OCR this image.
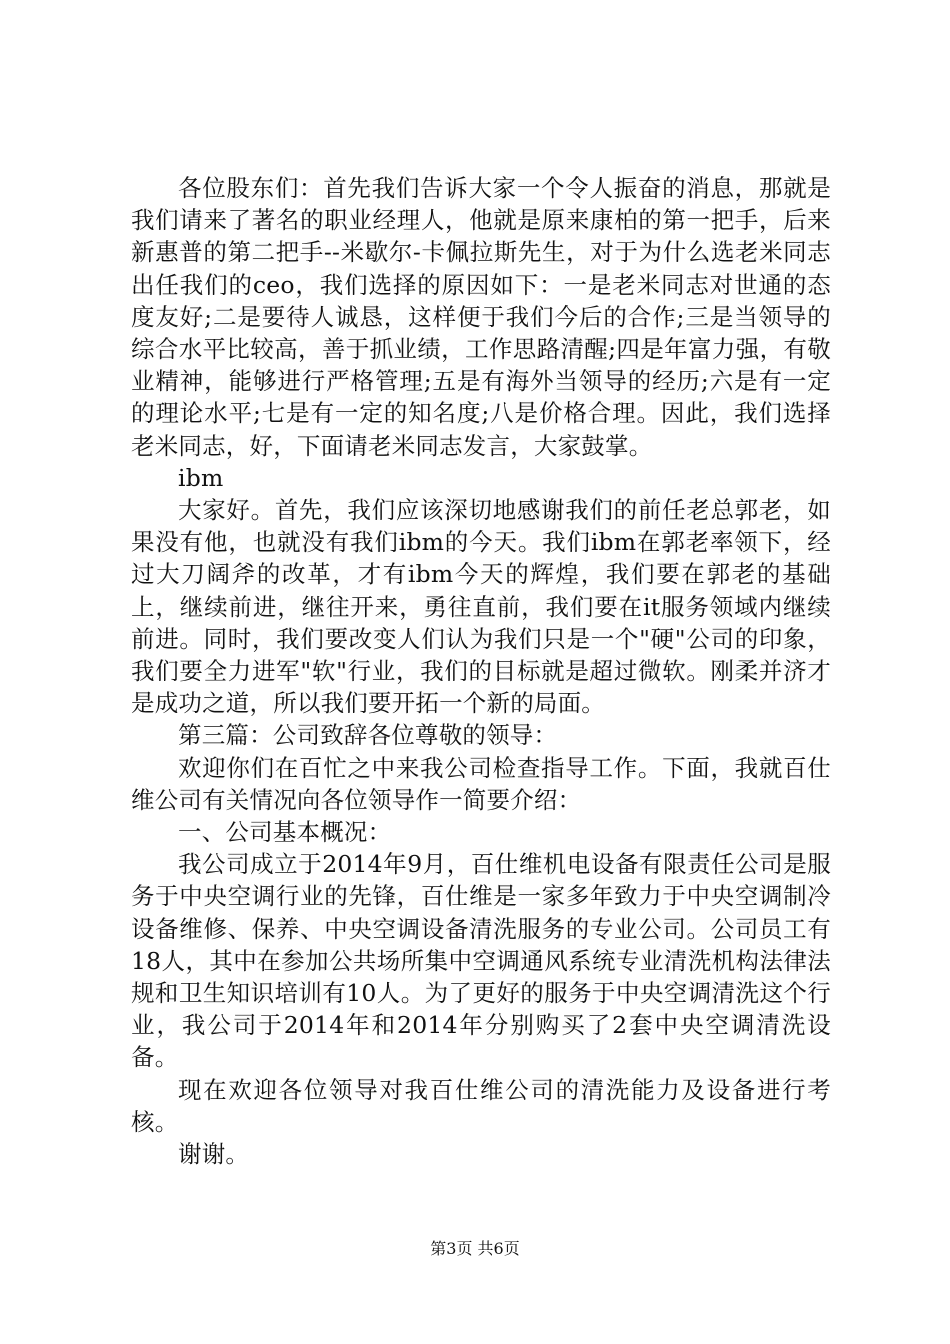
各位股东们：首先我们告诉大家一个令人振奋的消息，那就是我们请来了著名的职业经理人，他就是原来康柏的第一把手，后来新惠普的第二把手--米歇尔-卡佩拉斯先生，对于为什么选老米同志出任我们的ceo，我们选择的原因如下：一是老米同志对世通的态度友好;二是要待人诚恳，这样便于我们今后的合作;三是当领导的综合水平比较高，善于抓业绩，工作思路清醒;四是年富力强，有敬业精神，能够进行严格管理;五是有海外当领导的经历;六是有一定的理论水平;七是有一定的知名度;八是价格合理。因此，我们选择老米同志，好，下面请老米同志发言，大家鼓掌。

ibm

大家好。首先，我们应该深切地感谢我们的前任老总郭老，如果没有他，也就没有我们ibm的今天。我们ibm在郭老率领下，经过大刀阔斧的改革，才有ibm今天的辉煌，我们要在郭老的基础上，继续前进，继往开来，勇往直前，我们要在it服务领域内继续前进。同时，我们要改变人们认为我们只是一个"硬"公司的印象，我们要全力进军"软"行业，我们的目标就是超过微软。刚柔并济才是成功之道，所以我们要开拓一个新的局面。

第三篇：公司致辞各位尊敬的领导：

欢迎你们在百忙之中来我公司检查指导工作。下面，我就百仕维公司有关情况向各位领导作一简要介绍：

一、公司基本概况：

我公司成立于2014年9月，百仕维机电设备有限责任公司是服务于中央空调行业的先锋，百仕维是一家多年致力于中央空调制冷设备维修、保养、中央空调设备清洗服务的专业公司。公司员工有18人，其中在参加公共场所集中空调通风系统专业清洗机构法律法规和卫生知识培训有10人。为了更好的服务于中央空调清洗这个行业，我公司于2014年和2014年分别购买了2套中央空调清洗设备。

现在欢迎各位领导对我百仕维公司的清洗能力及设备进行考核。

谢谢。

第3页 共6页
